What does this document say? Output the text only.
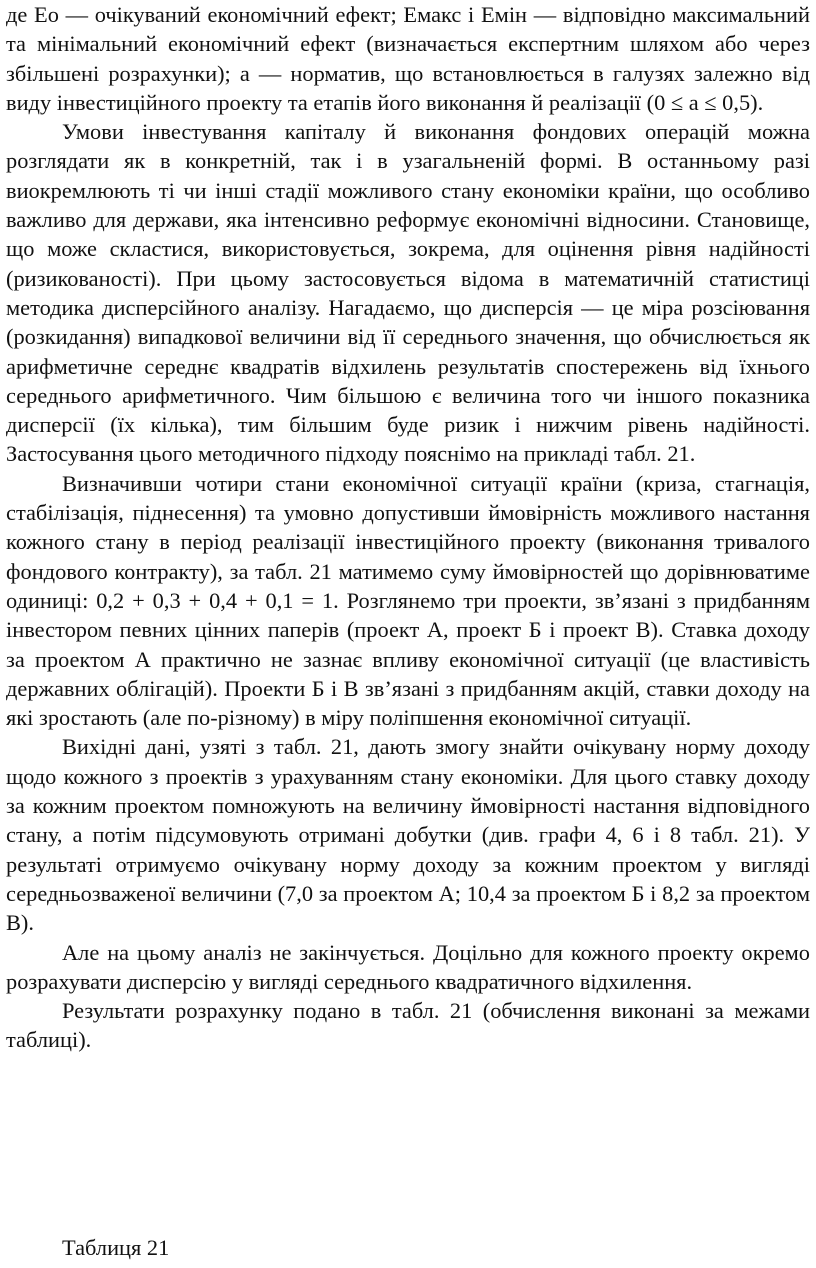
де Ео — очікуваний економічний ефект; Емакс і Емін — відповідно максимальний та мінімальний економічний ефект (визначається експертним шляхом або через збільшені розрахунки); а — норматив, що встановлюється в галузях залежно від виду інвестиційного проекту та етапів його виконання й реалізації (0 ≤ а ≤ 0,5).

Умови інвестування капіталу й виконання фондових операцій можна розглядати як в конкретній, так і в узагальненій формі. В останньому разі виокремлюють ті чи інші стадії можливого стану економіки країни, що особливо важливо для держави, яка інтенсивно реформує економічні відносини. Становище, що може скластися, використовується, зокрема, для оцінення рівня надійності (ризикованості). При цьому застосовується відома в математичній статистиці методика дисперсійного аналізу. Нагадаємо, що дисперсія — це міра розсіювання (розкидання) випадкової величини від її середнього значення, що обчислюється як арифметичне середнє квадратів відхилень результатів спостережень від їхнього середнього арифметичного. Чим більшою є величина того чи іншого показника дисперсії (їх кілька), тим більшим буде ризик і нижчим рівень надійності. Застосування цього методичного підходу пояснімо на прикладі табл. 21.

Визначивши чотири стани економічної ситуації країни (криза, стагнація, стабілізація, піднесення) та умовно допустивши ймовірність можливого настання кожного стану в період реалізації інвестиційного проекту (виконання тривалого фондового контракту), за табл. 21 матимемо суму ймовірностей що дорівнюватиме одиниці: 0,2 + 0,3 + 0,4 + 0,1 = 1. Розглянемо три проекти, зв’язані з придбанням інвестором певних цінних паперів (проект А, проект Б і проект В). Ставка доходу за проектом А практично не зазнає впливу економічної ситуації (це властивість державних облігацій). Проекти Б і В зв’язані з придбанням акцій, ставки доходу на які зростають (але по-різному) в міру поліпшення економічної ситуації.

Вихідні дані, узяті з табл. 21, дають змогу знайти очікувану норму доходу щодо кожного з проектів з урахуванням стану економіки. Для цього ставку доходу за кожним проектом помножують на величину ймовірності настання відповідного стану, а потім підсумовують отримані добутки (див. графи 4, 6 і 8 табл. 21). У результаті отримуємо очікувану норму доходу за кожним проектом у вигляді середньозваженої величини (7,0 за проектом А; 10,4 за проектом Б і 8,2 за проектом В).

Але на цьому аналіз не закінчується. Доцільно для кожного проекту окремо розрахувати дисперсію у вигляді середнього квадратичного відхилення.

Результати розрахунку подано в табл. 21 (обчислення виконані за межами таблиці).

Таблиця 21
